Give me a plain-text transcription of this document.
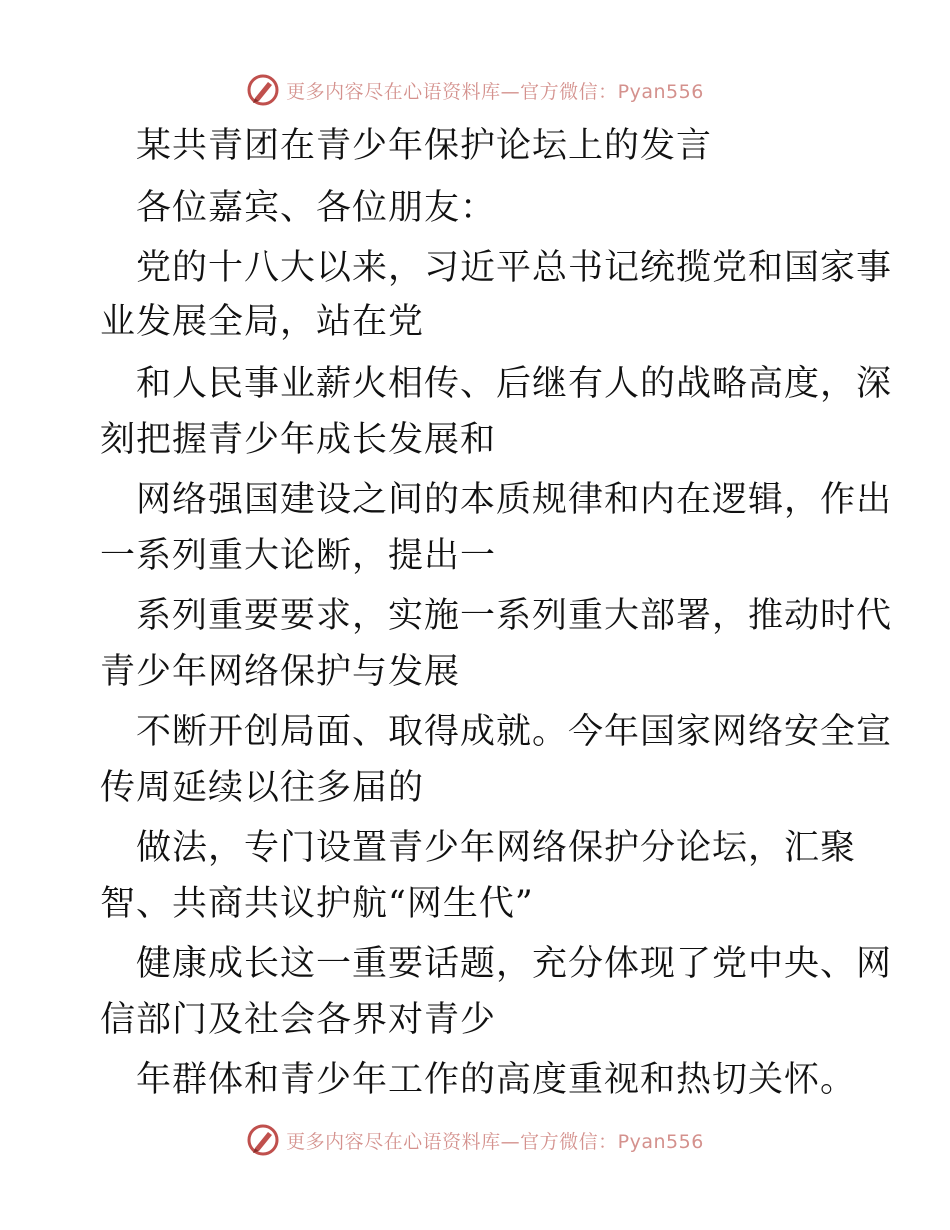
更多内容尽在心语资料库—官方微信：Pyan556
某共青团在青少年保护论坛上的发言
各位嘉宾、各位朋友：
党的十八大以来，习近平总书记统揽党和国家事
业发展全局，站在党
和人民事业薪火相传、后继有人的战略高度，深
刻把握青少年成长发展和
网络强国建设之间的本质规律和内在逻辑，作出
一系列重大论断，提出一
系列重要要求，实施一系列重大部署，推动时代
青少年网络保护与发展
不断开创局面、取得成就。今年国家网络安全宣
传周延续以往多届的
做法，专门设置青少年网络保护分论坛，汇聚
智、共商共议护航“网生代”
健康成长这一重要话题，充分体现了党中央、网
信部门及社会各界对青少
年群体和青少年工作的高度重视和热切关怀。
更多内容尽在心语资料库—官方微信：Pyan556
